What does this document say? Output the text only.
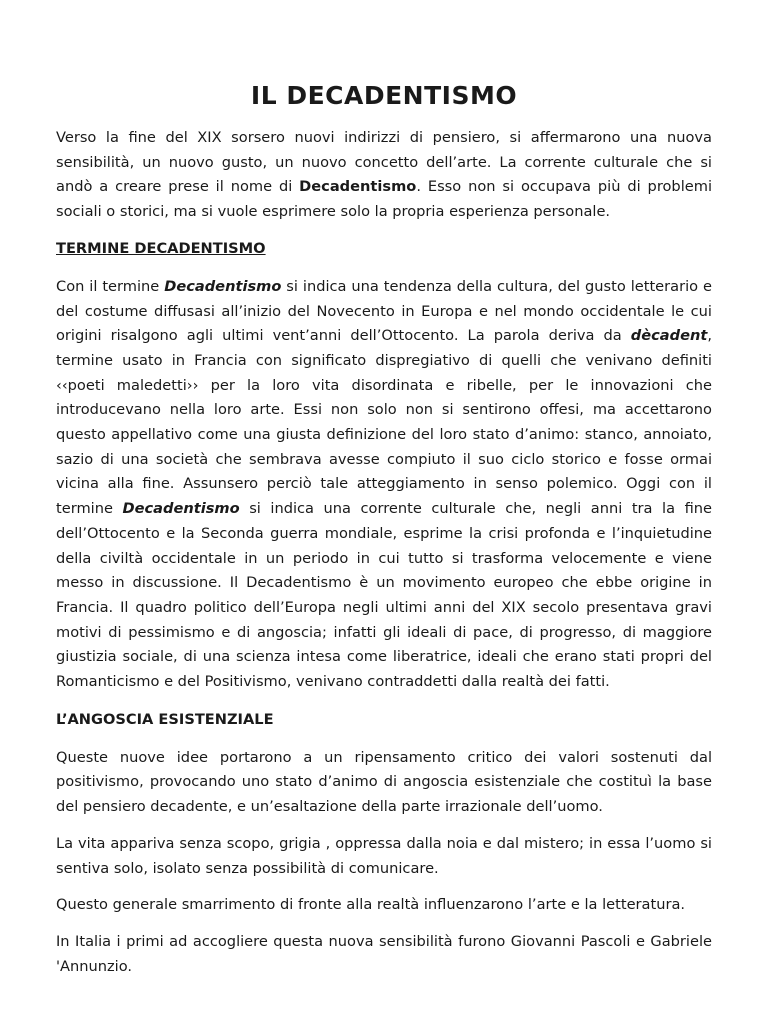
IL DECADENTISMO

Verso la fine del XIX sorsero nuovi indirizzi di pensiero, si affermarono una nuova sensibilità, un nuovo gusto, un nuovo concetto dell’arte. La corrente culturale che si andò a creare prese il nome di Decadentismo. Esso non si occupava più di problemi sociali o storici, ma si vuole esprimere solo la propria esperienza personale.

TERMINE DECADENTISMO

Con il termine Decadentismo si indica una tendenza della cultura, del gusto letterario e del costume diffusasi all’inizio del Novecento in Europa e nel mondo occidentale le cui origini risalgono agli ultimi vent’anni dell’Ottocento. La parola deriva da dècadent, termine usato in Francia con significato dispregiativo di quelli che venivano definiti ‹‹poeti maledetti›› per la loro vita disordinata e ribelle, per le innovazioni che introducevano nella loro arte. Essi non solo non si sentirono offesi, ma accettarono questo appellativo come una giusta definizione del loro stato d’animo: stanco, annoiato, sazio di una società che sembrava avesse compiuto il suo ciclo storico e fosse ormai vicina alla fine. Assunsero perciò tale atteggiamento in senso polemico. Oggi con il termine Decadentismo si indica una corrente culturale che, negli anni tra la fine dell’Ottocento e la Seconda guerra mondiale, esprime la crisi profonda e l’inquietudine della civiltà occidentale in un periodo in cui tutto si trasforma velocemente e viene messo in discussione. Il Decadentismo è un movimento europeo che ebbe origine in Francia. Il quadro politico dell’Europa negli ultimi anni del XIX secolo presentava gravi motivi di pessimismo e di angoscia; infatti gli ideali di pace, di progresso, di maggiore giustizia sociale, di una scienza intesa come liberatrice, ideali che erano stati propri del Romanticismo e del Positivismo, venivano contraddetti dalla realtà dei fatti.

L’ANGOSCIA ESISTENZIALE

Queste nuove idee portarono a un ripensamento critico dei valori sostenuti dal positivismo, provocando uno stato d’animo di angoscia esistenziale che costituì la base del pensiero decadente, e un’esaltazione della parte irrazionale dell’uomo.

La vita appariva senza scopo, grigia , oppressa dalla noia e dal mistero; in essa l’uomo si sentiva solo, isolato senza possibilità di comunicare.

Questo generale smarrimento di fronte alla realtà influenzarono l’arte e la letteratura.

In Italia i primi ad accogliere questa nuova sensibilità furono Giovanni Pascoli e Gabriele 'Annunzio.
